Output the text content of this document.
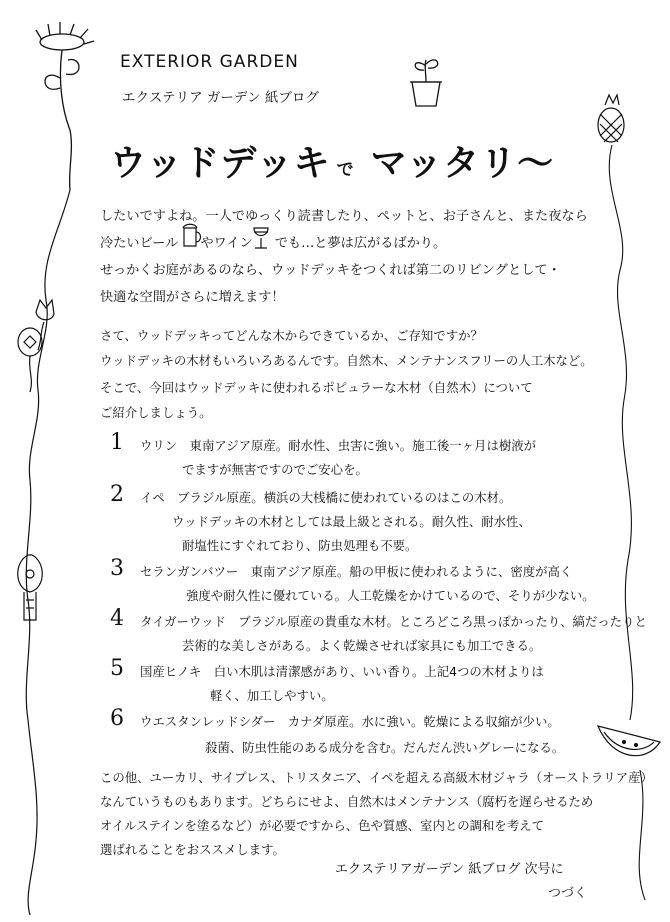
EXTERIOR GARDEN
エクステリア ガーデン 紙ブログ
ウッドデッキ で マッタリ〜
したいですよね。一人でゆっくり読書したり、ペットと、お子さんと、また夜なら
冷たいビール やワイン でも…と夢は広がるばかり。
せっかくお庭があるのなら、ウッドデッキをつくれば第二のリビングとして・
快適な空間がさらに増えます！
さて、ウッドデッキってどんな木からできているか、ご存知ですか？
ウッドデッキの木材もいろいろあるんです。自然木、メンテナンスフリーの人工木など。
そこで、今回はウッドデッキに使われるポピュラーな木材（自然木）について
ご紹介しましょう。
1 ウリン　東南アジア原産。耐水性、虫害に強い。施工後一ヶ月は樹液が
でますが無害ですのでご安心を。
2 イペ　ブラジル原産。横浜の大桟橋に使われているのはこの木材。
ウッドデッキの木材としては最上級とされる。耐久性、耐水性、
耐塩性にすぐれており、防虫処理も不要。
3 セランガンバツー　東南アジア原産。船の甲板に使われるように、密度が高く
強度や耐久性に優れている。人工乾燥をかけているので、そりが少ない。
4 タイガーウッド　ブラジル原産の貴重な木材。ところどころ黒っぽかったり、縞だったりと
芸術的な美しさがある。よく乾燥させれば家具にも加工できる。
5 国産ヒノキ　白い木肌は清潔感があり、いい香り。上記4つの木材よりは
軽く、加工しやすい。
6 ウエスタンレッドシダー　カナダ原産。水に強い。乾燥による収縮が少い。
殺菌、防虫性能のある成分を含む。だんだん渋いグレーになる。
この他、ユーカリ、サイプレス、トリスタニア、イペを超える高級木材ジャラ（オーストラリア産）
なんていうものもあります。どちらにせよ、自然木はメンテナンス（腐朽を遅らせるため
オイルステインを塗るなど）が必要ですから、色や質感、室内との調和を考えて
選ばれることをおススメします。
エクステリアガーデン 紙ブログ 次号に
つづく
